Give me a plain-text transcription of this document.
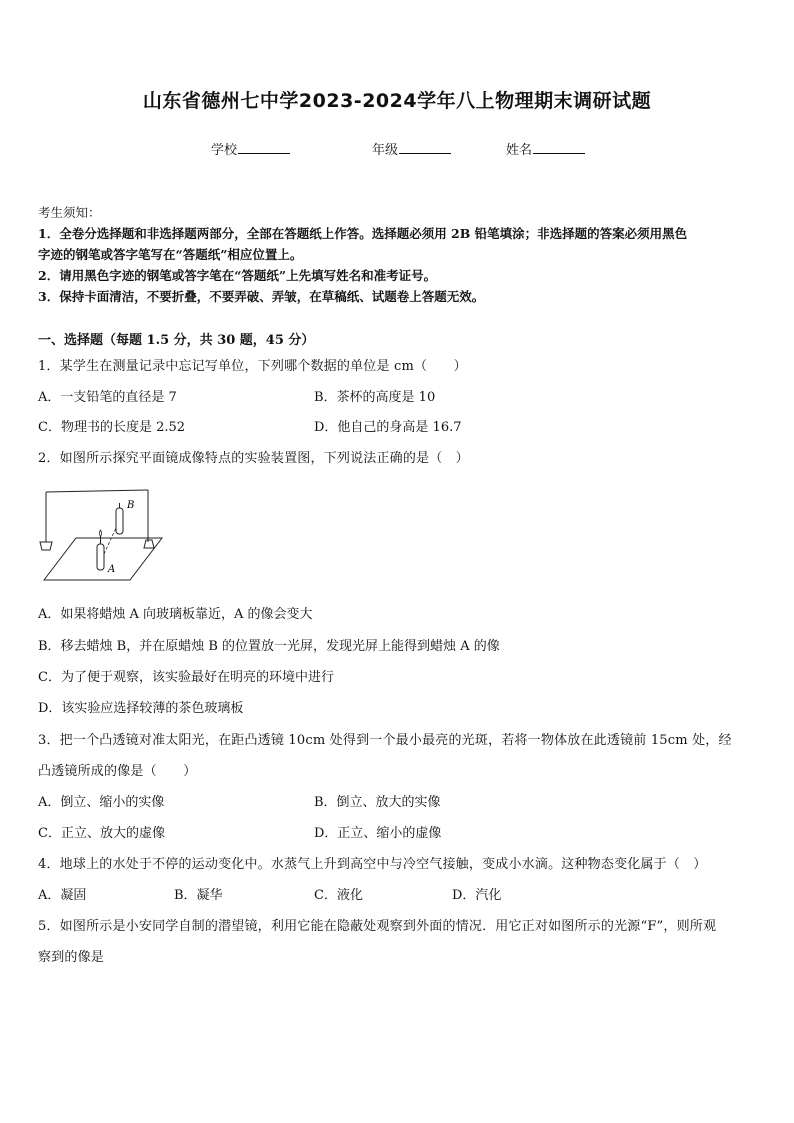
山东省德州七中学2023-2024学年八上物理期末调研试题
学校	年级	姓名
考生须知：
1．全卷分选择题和非选择题两部分，全部在答题纸上作答。选择题必须用 2B 铅笔填涂；非选择题的答案必须用黑色
字迹的钢笔或答字笔写在“答题纸”相应位置上。
2．请用黑色字迹的钢笔或答字笔在“答题纸”上先填写姓名和准考证号。
3．保持卡面清洁，不要折叠，不要弄破、弄皱，在草稿纸、试题卷上答题无效。
一、选择题（每题 1.5 分，共 30 题，45 分）
1．某学生在测量记录中忘记写单位，下列哪个数据的单位是 cm（　　）
A．一支铅笔的直径是 7	B．茶杯的高度是 10
C．物理书的长度是 2.52	D．他自己的身高是 16.7
2．如图所示探究平面镜成像特点的实验装置图，下列说法正确的是（　）
B
A
A．如果将蜡烛 A 向玻璃板靠近，A 的像会变大
B．移去蜡烛 B，并在原蜡烛 B 的位置放一光屏，发现光屏上能得到蜡烛 A 的像
C．为了便于观察，该实验最好在明亮的环境中进行
D．该实验应选择较薄的茶色玻璃板
3．把一个凸透镜对准太阳光，在距凸透镜 10cm 处得到一个最小最亮的光斑，若将一物体放在此透镜前 15cm 处，经
凸透镜所成的像是（　　）
A．倒立、缩小的实像	B．倒立、放大的实像
C．正立、放大的虚像	D．正立、缩小的虚像
4．地球上的水处于不停的运动变化中。水蒸气上升到高空中与冷空气接触，变成小水滴。这种物态变化属于（　）
A．凝固	B．凝华	C．液化	D．汽化
5．如图所示是小安同学自制的潜望镜，利用它能在隐蔽处观察到外面的情况．用它正对如图所示的光源“F”，则所观
察到的像是
